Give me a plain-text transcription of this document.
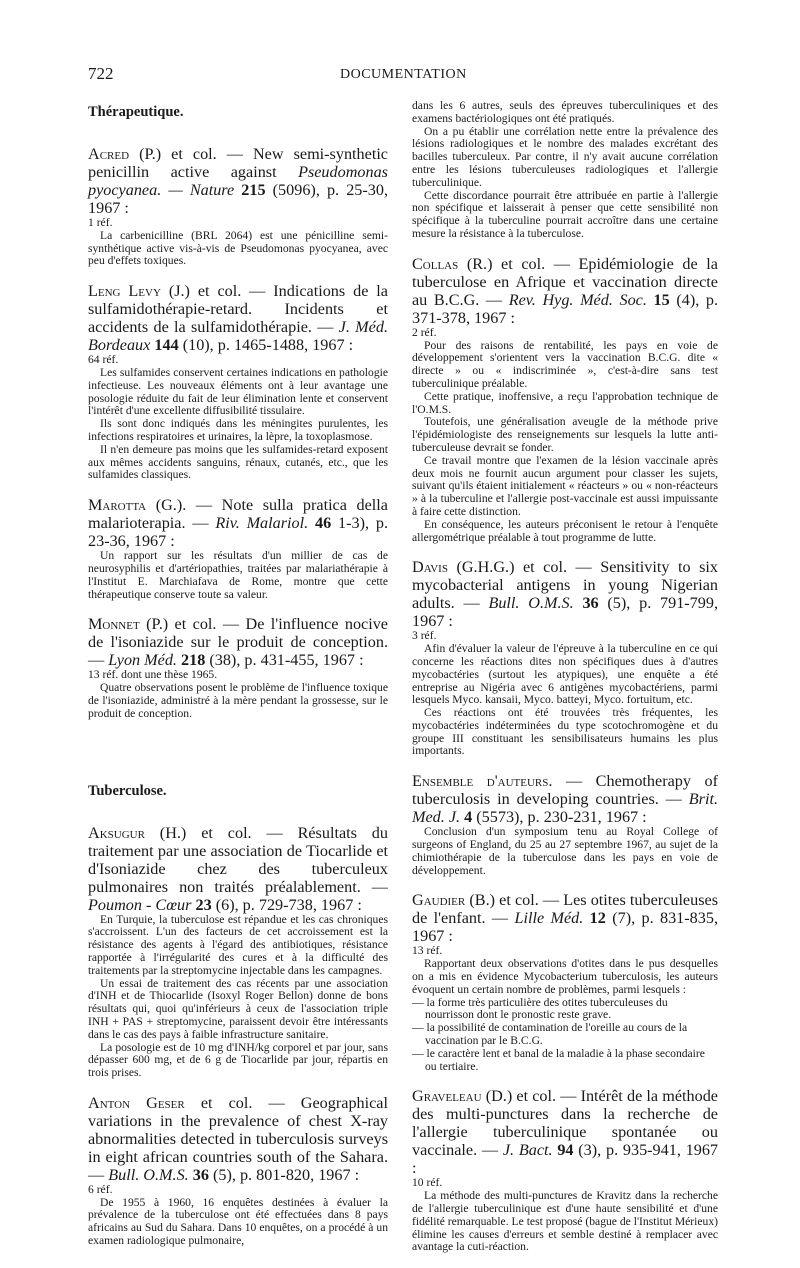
722	DOCUMENTATION
Thérapeutique.

Acred (P.) et col. — New semi-synthetic penicillin active against Pseudomonas pyocyanea. — Nature 215 (5096), p. 25-30, 1967 :

1 réf.

La carbenicilline (BRL 2064) est une pénicilline semi-synthétique active vis-à-vis de Pseudomonas pyocyanea, avec peu d'effets toxiques.

Leng Levy (J.) et col. — Indications de la sulfamidothérapie-retard. Incidents et accidents de la sulfamidothérapie. — J. Méd. Bordeaux 144 (10), p. 1465-1488, 1967 :

64 réf.

Les sulfamides conservent certaines indications en pathologie infectieuse. Les nouveaux éléments ont à leur avantage une posologie réduite du fait de leur élimination lente et conservent l'intérêt d'une excellente diffusibilité tissulaire.

Ils sont donc indiqués dans les méningites purulentes, les infections respiratoires et urinaires, la lèpre, la toxoplasmose.

Il n'en demeure pas moins que les sulfamides-retard exposent aux mêmes accidents sanguins, rénaux, cutanés, etc., que les sulfamides classiques.

Marotta (G.). — Note sulla pratica della malarioterapia. — Riv. Malariol. 46 1-3), p. 23-36, 1967 :

Un rapport sur les résultats d'un millier de cas de neurosyphilis et d'artériopathies, traitées par malariathérapie à l'Institut E. Marchiafava de Rome, montre que cette thérapeutique conserve toute sa valeur.

Monnet (P.) et col. — De l'influence nocive de l'isoniazide sur le produit de conception. — Lyon Méd. 218 (38), p. 431-455, 1967 :

13 réf. dont une thèse 1965.

Quatre observations posent le problème de l'influence toxique de l'isoniazide, administré à la mère pendant la grossesse, sur le produit de conception.

Tuberculose.

Aksugur (H.) et col. — Résultats du traitement par une association de Tiocarlide et d'Isoniazide chez des tuberculeux pulmonaires non traités préalablement. — Poumon - Cœur 23 (6), p. 729-738, 1967 :

En Turquie, la tuberculose est répandue et les cas chroniques s'accroissent. L'un des facteurs de cet accroissement est la résistance des agents à l'égard des antibiotiques, résistance rapportée à l'irrégularité des cures et à la difficulté des traitements par la streptomycine injectable dans les campagnes.

Un essai de traitement des cas récents par une association d'INH et de Thiocarlide (Isoxyl Roger Bellon) donne de bons résultats qui, quoi qu'inférieurs à ceux de l'association triple INH + PAS + streptomycine, paraissent devoir être intéressants dans le cas des pays à faible infrastructure sanitaire.

La posologie est de 10 mg d'INH/kg corporel et par jour, sans dépasser 600 mg, et de 6 g de Tiocarlide par jour, répartis en trois prises.

Anton Geser et col. — Geographical variations in the prevalence of chest X-ray abnormalities detected in tuberculosis surveys in eight african countries south of the Sahara. — Bull. O.M.S. 36 (5), p. 801-820, 1967 :

6 réf.

De 1955 à 1960, 16 enquêtes destinées à évaluer la prévalence de la tuberculose ont été effectuées dans 8 pays africains au Sud du Sahara. Dans 10 enquêtes, on a procédé à un examen radiologique pulmonaire,

dans les 6 autres, seuls des épreuves tuberculiniques et des examens bactériologiques ont été pratiqués.

On a pu établir une corrélation nette entre la prévalence des lésions radiologiques et le nombre des malades excrétant des bacilles tuberculeux. Par contre, il n'y avait aucune corrélation entre les lésions tuberculeuses radiologiques et l'allergie tuberculinique.

Cette discordance pourrait être attribuée en partie à l'allergie non spécifique et laisserait à penser que cette sensibilité non spécifique à la tuberculine pourrait accroître dans une certaine mesure la résistance à la tuberculose.

Collas (R.) et col. — Epidémiologie de la tuberculose en Afrique et vaccination directe au B.C.G. — Rev. Hyg. Méd. Soc. 15 (4), p. 371-378, 1967 :

2 réf.

Pour des raisons de rentabilité, les pays en voie de développement s'orientent vers la vaccination B.C.G. dite « directe » ou « indiscriminée », c'est-à-dire sans test tuberculinique préalable.

Cette pratique, inoffensive, a reçu l'approbation technique de l'O.M.S.

Toutefois, une généralisation aveugle de la méthode prive l'épidémiologiste des renseignements sur lesquels la lutte anti-tuberculeuse devrait se fonder.

Ce travail montre que l'examen de la lésion vaccinale après deux mois ne fournit aucun argument pour classer les sujets, suivant qu'ils étaient initialement « réacteurs » ou « non-réacteurs » à la tuberculine et l'allergie post-vaccinale est aussi impuissante à faire cette distinction.

En conséquence, les auteurs préconisent le retour à l'enquête allergométrique préalable à tout programme de lutte.

Davis (G.H.G.) et col. — Sensitivity to six mycobacterial antigens in young Nigerian adults. — Bull. O.M.S. 36 (5), p. 791-799, 1967 :

3 réf.

Afin d'évaluer la valeur de l'épreuve à la tuberculine en ce qui concerne les réactions dites non spécifiques dues à d'autres mycobactéries (surtout les atypiques), une enquête a été entreprise au Nigéria avec 6 antigènes mycobactériens, parmi lesquels Myco. kansaii, Myco. batteyi, Myco. fortuitum, etc.

Ces réactions ont été trouvées très fréquentes, les mycobactéries indéterminées du type scotochromogène et du groupe III constituant les sensibilisateurs humains les plus importants.

Ensemble d'auteurs. — Chemotherapy of tuberculosis in developing countries. — Brit. Med. J. 4 (5573), p. 230-231, 1967 :

Conclusion d'un symposium tenu au Royal College of surgeons of England, du 25 au 27 septembre 1967, au sujet de la chimiothérapie de la tuberculose dans les pays en voie de développement.

Gaudier (B.) et col. — Les otites tuberculeuses de l'enfant. — Lille Méd. 12 (7), p. 831-835, 1967 :

13 réf.

Rapportant deux observations d'otites dans le pus desquelles on a mis en évidence Mycobacterium tuberculosis, les auteurs évoquent un certain nombre de problèmes, parmi lesquels :

— la forme très particulière des otites tuberculeuses du nourrisson dont le pronostic reste grave.
— la possibilité de contamination de l'oreille au cours de la vaccination par le B.C.G.
— le caractère lent et banal de la maladie à la phase secondaire ou tertiaire.

Graveleau (D.) et col. — Intérêt de la méthode des multi-punctures dans la recherche de l'allergie tuberculinique spontanée ou vaccinale. — J. Bact. 94 (3), p. 935-941, 1967 :

10 réf.

La méthode des multi-punctures de Kravitz dans la recherche de l'allergie tuberculinique est d'une haute sensibilité et d'une fidélité remarquable. Le test proposé (bague de l'Institut Mérieux) élimine les causes d'erreurs et semble destiné à remplacer avec avantage la cuti-réaction.
